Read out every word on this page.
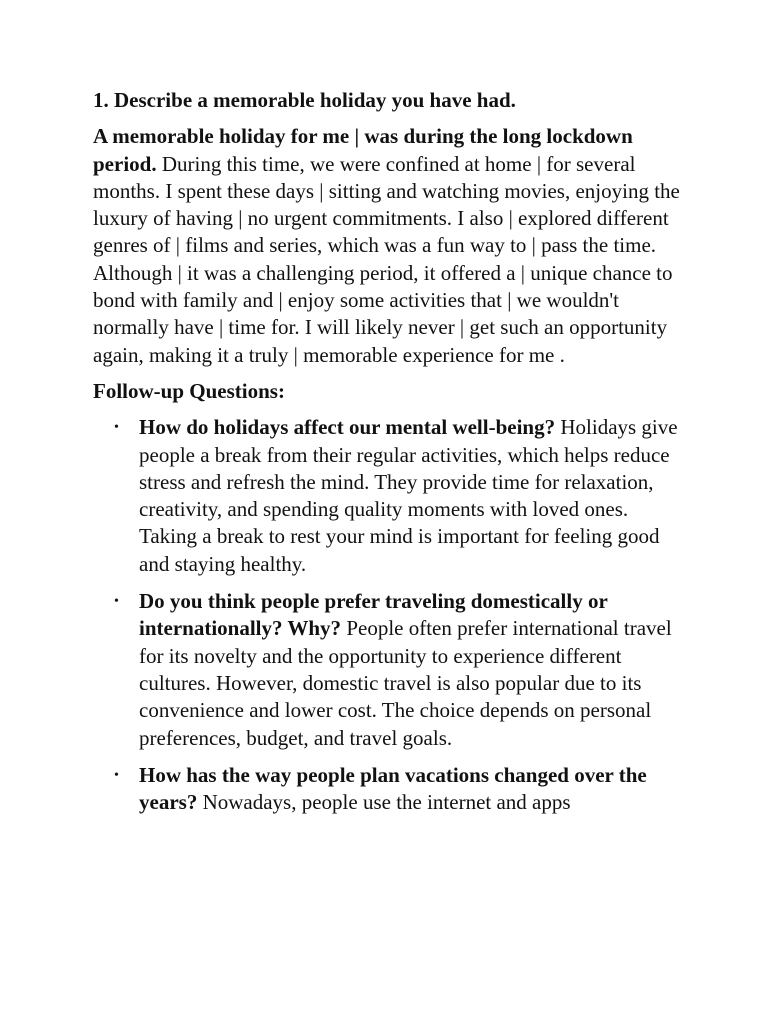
1. Describe a memorable holiday you have had.

A memorable holiday for me | was during the long lockdown period. During this time, we were confined at home | for several months. I spent these days | sitting and watching movies, enjoying the luxury of having | no urgent commitments. I also | explored different genres of | films and series, which was a fun way to | pass the time. Although | it was a challenging period, it offered a | unique chance to bond with family and | enjoy some activities that | we wouldn't normally have | time for. I will likely never | get such an opportunity again, making it a truly | memorable experience for me .

Follow-up Questions:

• How do holidays affect our mental well-being? Holidays give people a break from their regular activities, which helps reduce stress and refresh the mind. They provide time for relaxation, creativity, and spending quality moments with loved ones. Taking a break to rest your mind is important for feeling good and staying healthy.
• Do you think people prefer traveling domestically or internationally? Why? People often prefer international travel for its novelty and the opportunity to experience different cultures. However, domestic travel is also popular due to its convenience and lower cost. The choice depends on personal preferences, budget, and travel goals.
• How has the way people plan vacations changed over the years? Nowadays, people use the internet and apps
